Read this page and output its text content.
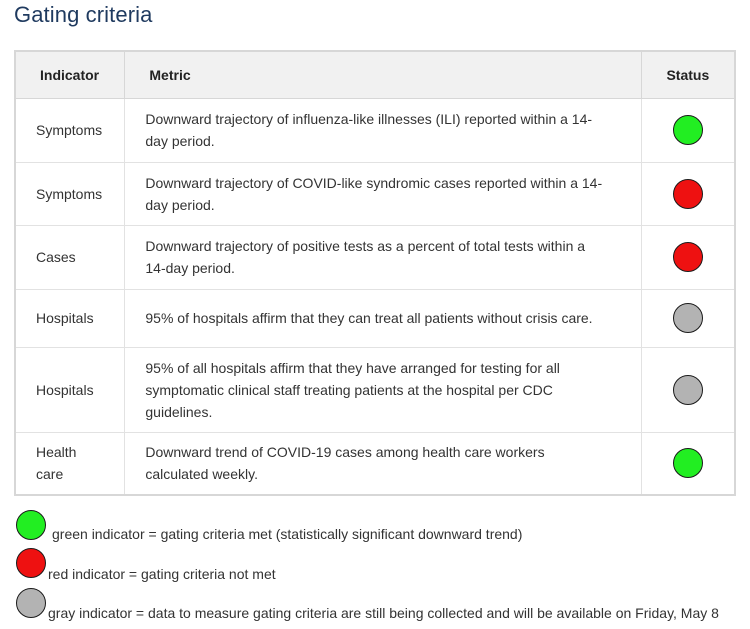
Gating criteria
Indicator	Metric	Status
Symptoms	Downward trajectory of influenza-like illnesses (ILI) reported within a 14-
day period.	
Symptoms	Downward trajectory of COVID-like syndromic cases reported within a 14-
day period.	
Cases	Downward trajectory of positive tests as a percent of total tests within a
14-day period.	
Hospitals	95% of hospitals affirm that they can treat all patients without crisis care.	
Hospitals	95% of all hospitals affirm that they have arranged for testing for all
symptomatic clinical staff treating patients at the hospital per CDC
guidelines.	
Health
care	Downward trend of COVID-19 cases among health care workers
calculated weekly.	
green indicator = gating criteria met (statistically significant downward trend)
red indicator = gating criteria not met
gray indicator = data to measure gating criteria are still being collected and will be available on Friday, May 8
